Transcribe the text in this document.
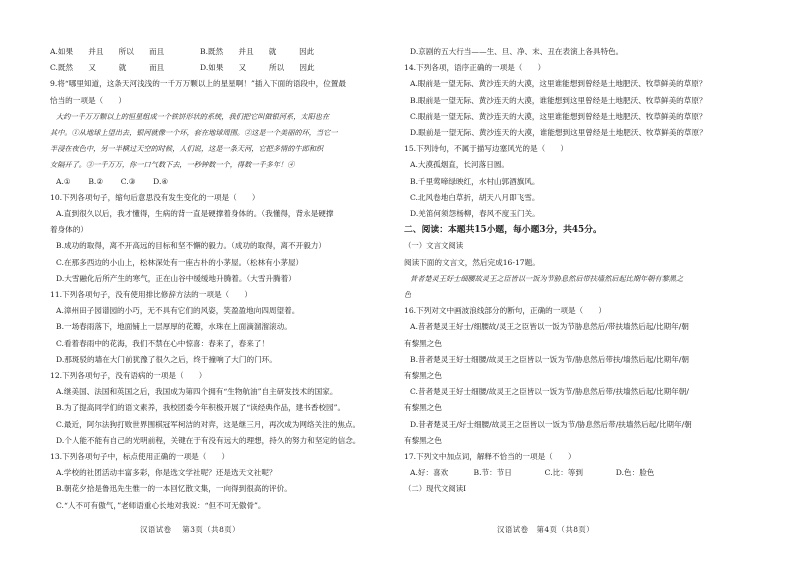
A.如果　　并且　　所以　　而且	B.既然　　并且　　就　　　因此
C.既然　　又　　　就　　　而且	D.如果　　又　　　所以　　因此
9.将“哪里知道，这条天河浅浅的一千万万颗以上的星星啊！”插入下面的语段中，位置最
恰当的一项是（　　）
大约一千万万颗以上的恒星组成一个铁饼形状的系统，我们把它叫做银河系，太阳也在
其中。①从地球上望出去，银河就像一个环，套在地球周围。②这是一个美丽的环，当它一
半浸在夜色中，另一半横过天空的时候，人们说，这是一条天河，它把多情的牛郎和织
女隔开了。③一千万万，你一口气数下去，一秒钟数一个，得数一千多年！④
A.①　　 B.②　　 C.③　　 D.④
10.下列各项句子，缩句后意思没有发生变化的一项是（　　）
A.直到很久以后，我才懂得，生病的背一直是硬撑着身体的。（我懂得，背永是硬撑
着身体的）
B.成功的取得，离不开高远的目标和坚不懈的毅力。（成功的取得，离不开毅力）
C.在那多西边的小山上，松林深处有一座古朴的小茅屋。（松林有小茅屋）
D.大雪融化后所产生的寒气，正在山谷中缓缓地升腾着。（大雪升腾着）
11.下列各项句子，没有使用排比修辞方法的一项是（　　）
A.漳州田子园谱园的小巧，无不具有它们的风姿，笑盈盈地向四周望着。
B.一场春雨落下，地面铺上一层厚厚的花瓣，水珠在上面滴溜溜滚动。
C.看着春雨中的花海，我们不禁在心中惊喜：春来了，春来了！
D.那斑驳的墙在大门前犹豫了很久之后，终于撞响了大门的门环。
12.下列各项句子，没有语病的一项是（　　）
A.继美国、法国和英国之后，我国成为第四个拥有“生物航油”自主研发技术的国家。
B.为了提高同学们的语文素养，我校团委今年积极开展了“读经典作品，建书香校园”。
C.最近，阿尔法狗打败世界围棋冠军柯洁的对弈，这是继三月，再次成为网络关注的焦点。
D.个人能不能有自己的光明前程，关键在于有没有远大的理想，持久的努力和坚定的信念。
13.下列各项句子中，标点使用正确的一项是（　　）
A.学校的社团活动丰富多彩，你是选文学社呢？还是选天文社呢？
B.朝花夕拾是鲁迅先生惟一的一本回忆散文集，一向得到很高的评价。
C.“人不可有傲气，”老师语重心长地对我说：“但不可无傲骨”。
D.京剧的五大行当——生、旦、净、末、丑在表演上各具特色。
14.下列各项，语序正确的一项是（　　）
A.眼前是一望无际、黄沙连天的大漠，这里谁能想到曾经是土地肥沃、牧草鲜美的草原？
B.眼前是一望无际、黄沙连天的大漠，谁能想到这里曾经是土地肥沃、牧草鲜美的草原？
C.眼前是一望无际、黄沙连天的大漠，这里谁能想到曾经是土地肥沃、牧草鲜美的草原？
D.眼前是一望无际、黄沙连天的大漠，谁能想到这里曾经是土地肥沃、牧草鲜美的草原？
15.下列诗句，不属于描写边塞风光的是（　　）
A.大漠孤烟直，长河落日圆。
B.千里莺啼绿映红，水村山郭酒旗风。
C.北风卷地白草折，胡天八月即飞雪。
D.羌笛何须怨杨柳，春风不度玉门关。
二、阅读：本题共15小题，每小题3分，共45分。
（一）文言文阅读
阅读下面的文言文，然后完成16-17题。
昔者楚灵王好士细腰故灵王之臣皆以一饭为节胁息然后带扶墙然后起比期年朝有黎黑之
色
16.下列对文中画波浪线部分的断句，正确的一项是（　　）
A.昔者楚灵王好士/细腰故/灵王之臣皆以一饭为节胁息然后/带扶墙然后起/比期年/朝
有黎黑之色
B.昔者楚灵王好士细腰/故灵王之臣皆以一饭为节/胁息然后带扶/墙然后起/比期年/朝
有黎黑之色
C.昔者楚灵王好士细腰/故灵王之臣皆以一饭为节/胁息然后带/扶墙然后起/比期年朝/
有黎黑之色
D.昔者楚灵王/好士细腰/故灵王之臣皆以一饭为节/胁息然后带/扶墙然后起/比期年/朝
有黎黑之色
17.下列文中加点词，解释不恰当的一项是（　　）
A.好：喜欢　　　	B.节：节日　　　　	C.比：等到　　　　	D.色：脸色
（二）现代文阅读Ⅰ
汉语试卷　 第3页（共8页）	汉语试卷　第4页（共8页）
